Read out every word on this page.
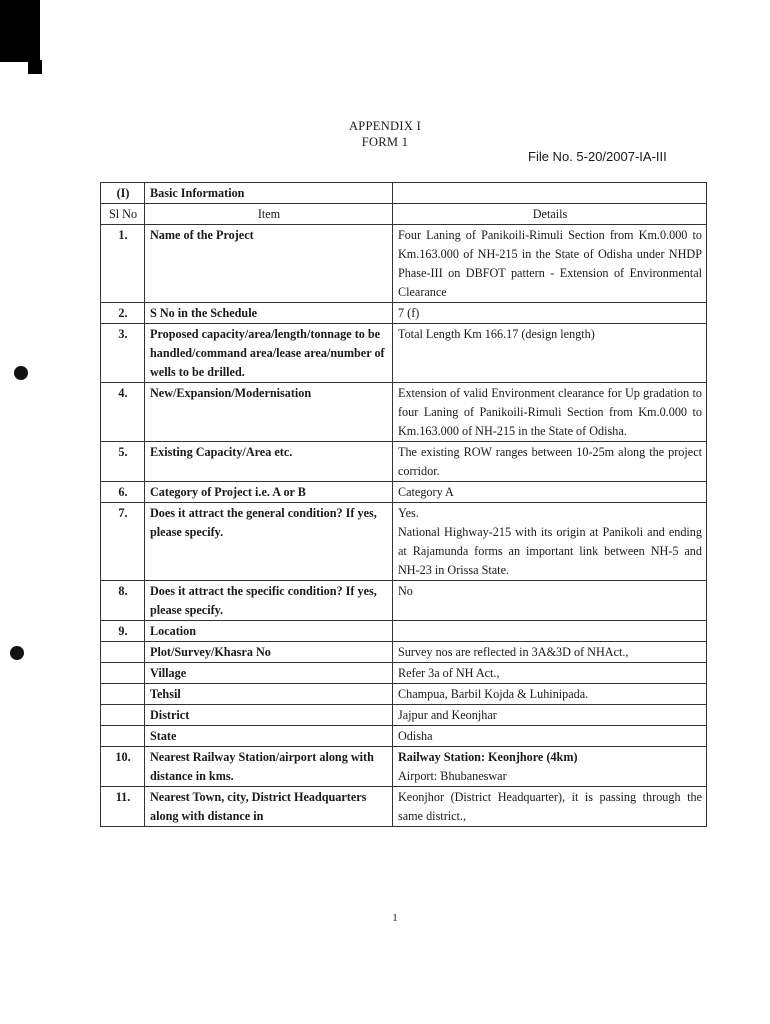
APPENDIX I
FORM 1
File No. 5-20/2007-IA-III
(I)	Basic Information	
Sl No	Item	Details
1.	Name of the Project	Four Laning of Panikoili-Rimuli Section from Km.0.000 to Km.163.000 of NH-215 in the State of Odisha under NHDP Phase-III on DBFOT pattern - Extension of Environmental Clearance
2.	S No in the Schedule	7 (f)
3.	Proposed capacity/area/length/tonnage to be handled/command area/lease area/number of wells to be drilled.	Total Length Km 166.17 (design length)
4.	New/Expansion/Modernisation	Extension of valid Environment clearance for Up gradation to four Laning of Panikoili-Rimuli Section from Km.0.000 to Km.163.000 of NH-215 in the State of Odisha.
5.	Existing Capacity/Area etc.	The existing ROW ranges between 10-25m along the project corridor.
6.	Category of Project i.e. A or B	Category A
7.	Does it attract the general condition? If yes, please specify.	Yes.
National Highway-215 with its origin at Panikoli and ending at Rajamunda forms an important link between NH-5 and NH-23 in Orissa State.

8.	Does it attract the specific condition? If yes, please specify.	No
9.	Location	
	Plot/Survey/Khasra No	Survey nos are reflected in 3A&3D of NHAct.,
	Village	Refer 3a of NH Act.,
	Tehsil	Champua, Barbil Kojda & Luhinipada.
	District	Jajpur and Keonjhar
	State	Odisha
10.	Nearest Railway Station/airport along with distance in kms.	Railway Station: Keonjhore (4km)
Airport: Bhubaneswar

11.	Nearest Town, city, District Headquarters along with distance in	Keonjhor (District Headquarter), it is passing through the same district.,
1
